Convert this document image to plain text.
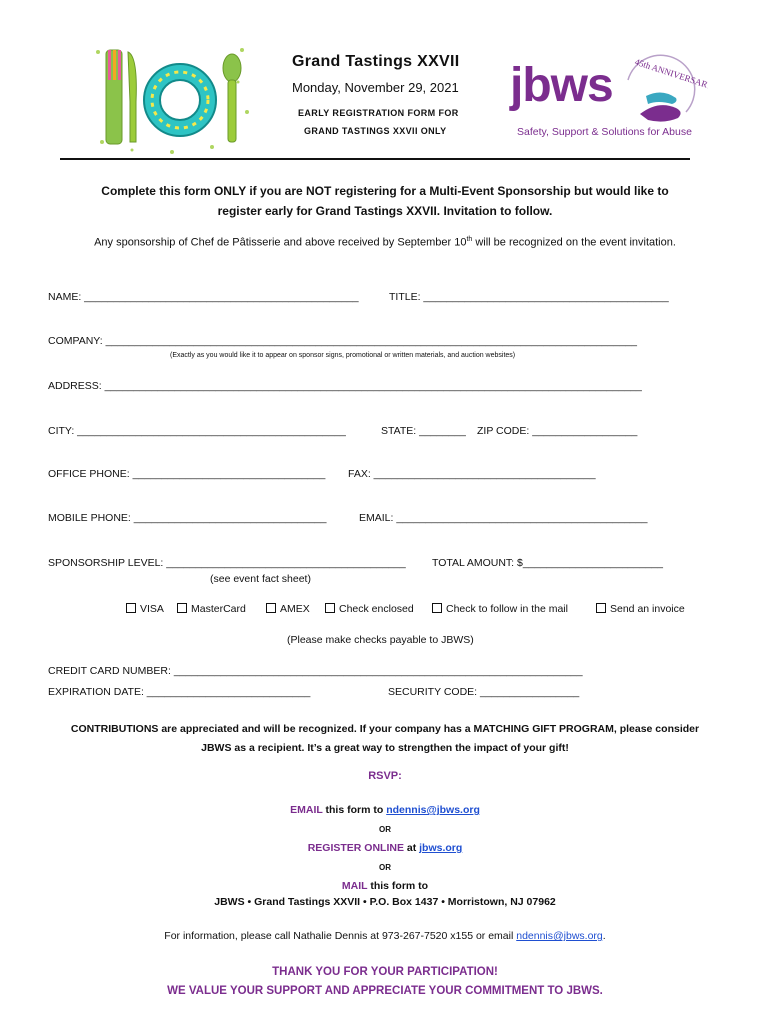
Grand Tastings XXVII
Monday, November 29, 2021
EARLY REGISTRATION FORM FOR
GRAND TASTINGS XXVII ONLY
45th ANNIVERSARY
jbws
Safety, Support & Solutions for Abuse
Complete this form ONLY if you are NOT registering for a Multi-Event Sponsorship but would like to
register early for Grand Tastings XXVII. Invitation to follow.
Any sponsorship of Chef de Pâtisserie and above received by September 10th will be recognized on the event invitation.
NAME: _______________________________________________	TITLE: __________________________________________
COMPANY: ___________________________________________________________________________________________
(Exactly as you would like it to appear on sponsor signs, promotional or written materials, and auction websites)
ADDRESS: ____________________________________________________________________________________________
CITY: ______________________________________________	STATE: ________ ZIP CODE: __________________
OFFICE PHONE: _________________________________ FAX: ______________________________________
MOBILE PHONE: _________________________________	EMAIL: ___________________________________________
SPONSORSHIP LEVEL: _________________________________________	TOTAL AMOUNT: $________________________
(see event fact sheet)
VISA	MasterCard	AMEX	Check enclosed	Check to follow in the mail	Send an invoice
(Please make checks payable to JBWS)
CREDIT CARD NUMBER: ______________________________________________________________________
EXPIRATION DATE: ____________________________	SECURITY CODE: _________________
CONTRIBUTIONS are appreciated and will be recognized. If your company has a MATCHING GIFT PROGRAM, please consider
JBWS as a recipient. It’s a great way to strengthen the impact of your gift!
RSVP:
EMAIL this form to ndennis@jbws.org
OR
REGISTER ONLINE at jbws.org
OR
MAIL this form to
JBWS • Grand Tastings XXVII • P.O. Box 1437 • Morristown, NJ 07962
For information, please call Nathalie Dennis at 973-267-7520 x155 or email ndennis@jbws.org.
THANK YOU FOR YOUR PARTICIPATION!
WE VALUE YOUR SUPPORT AND APPRECIATE YOUR COMMITMENT TO JBWS.
